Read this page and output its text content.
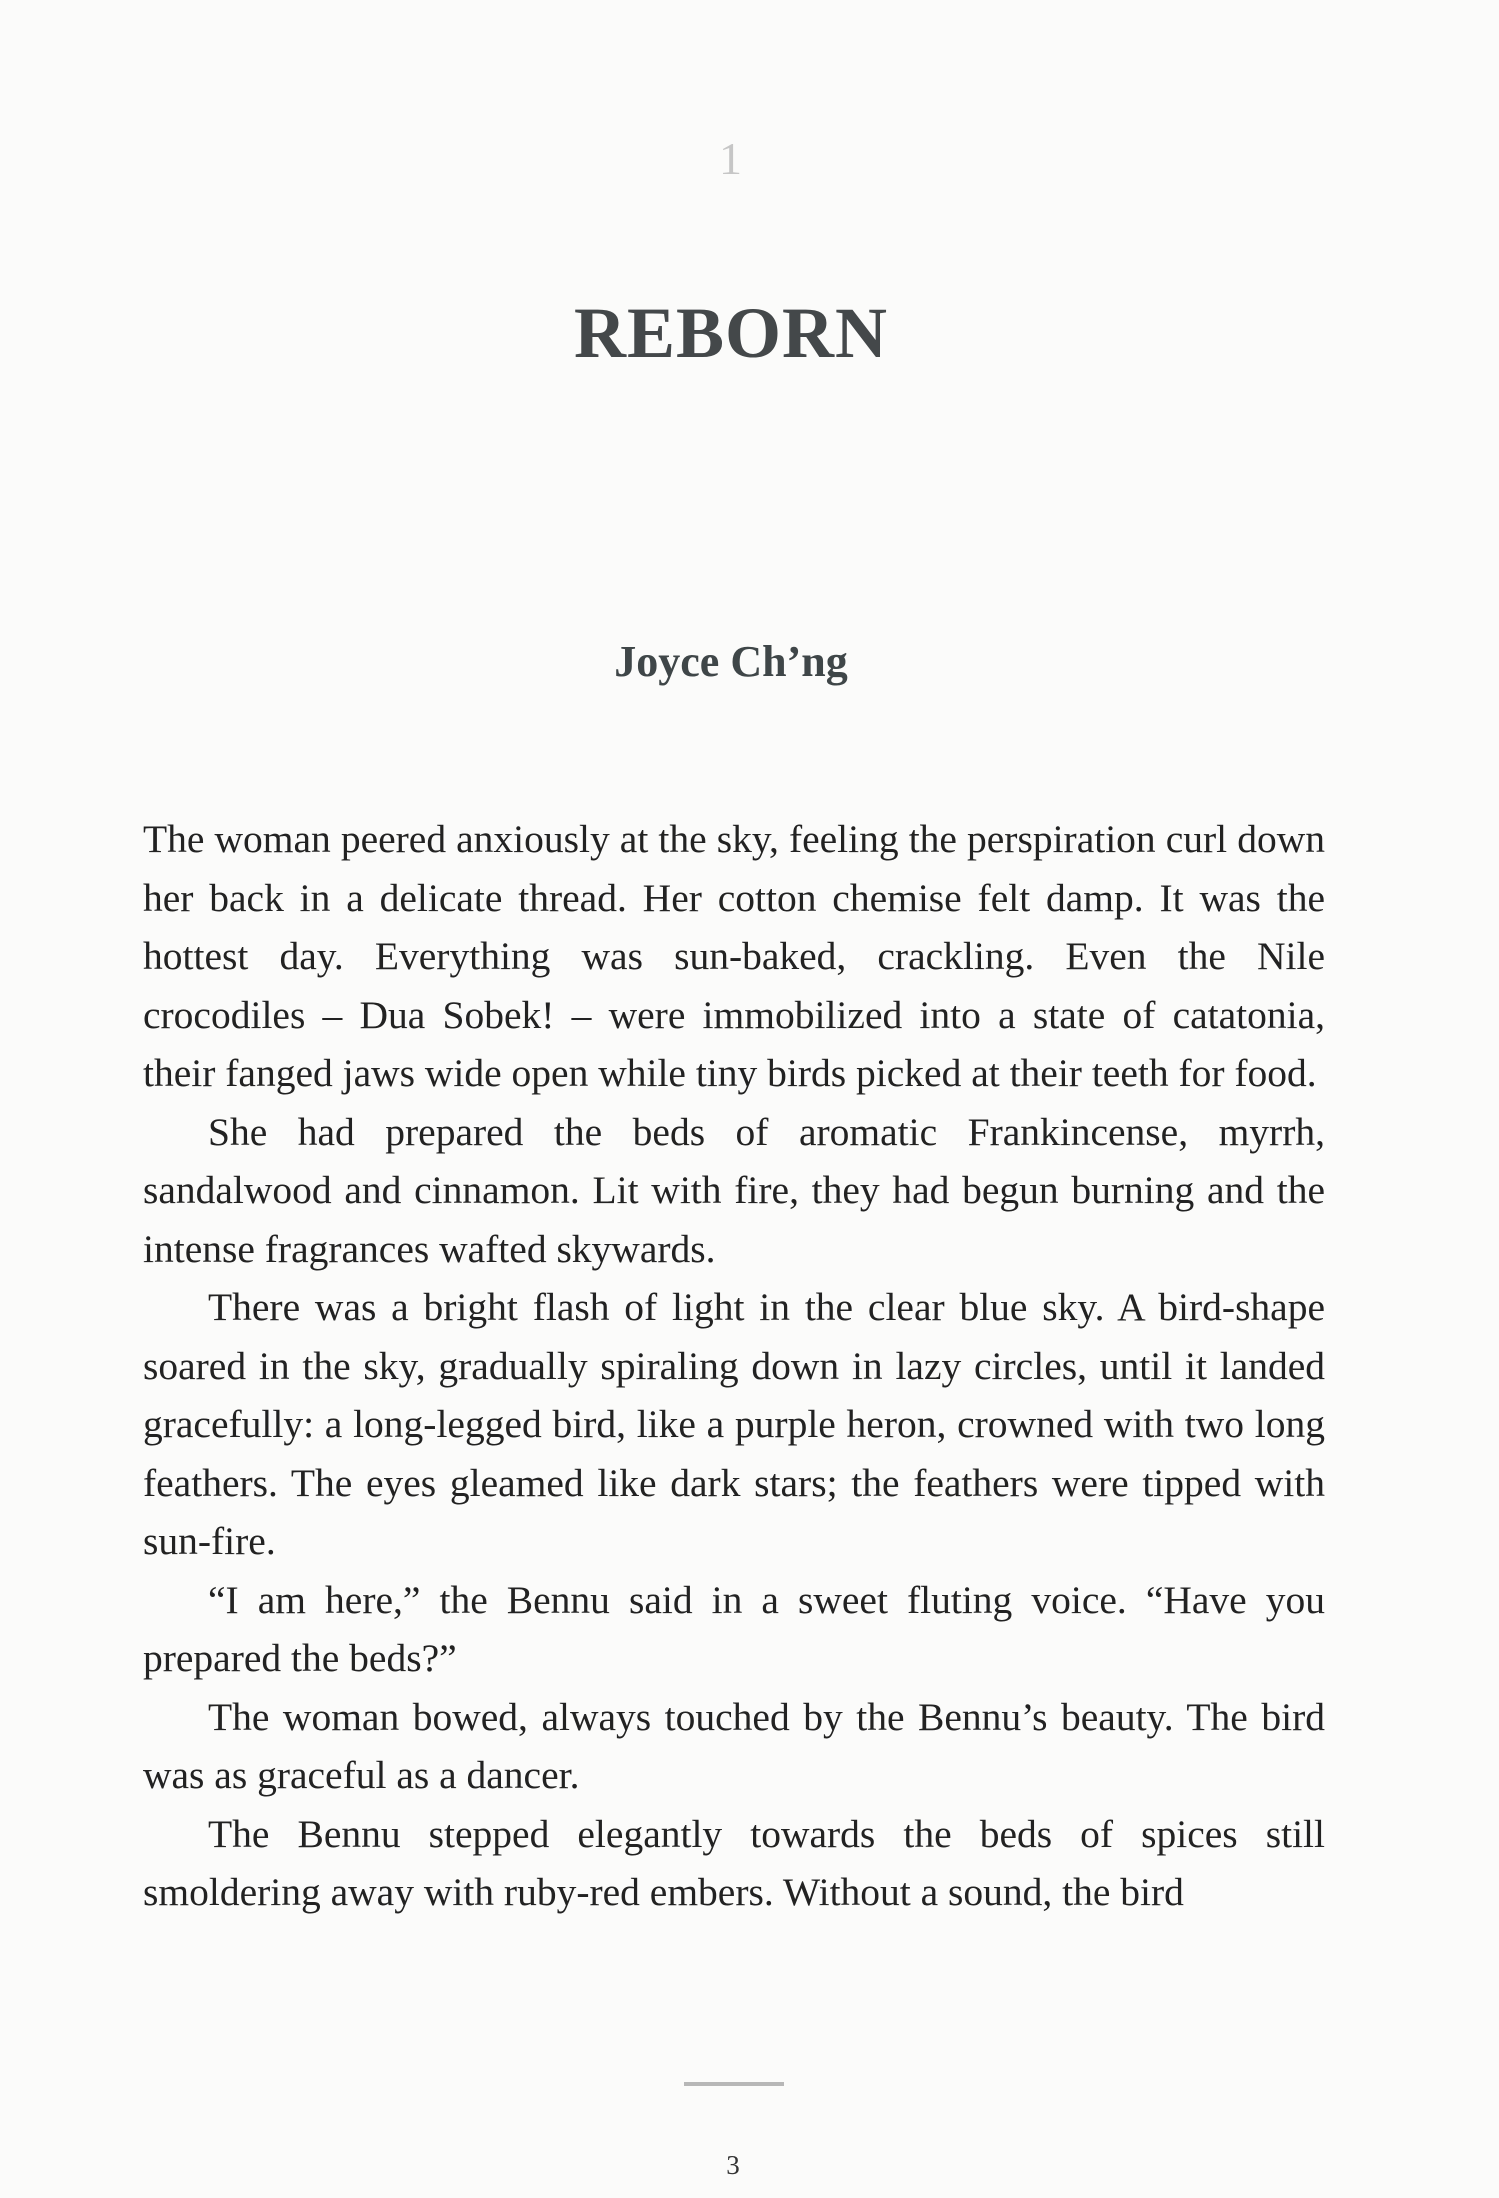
1
REBORN
Joyce Ch’ng

The woman peered anxiously at the sky, feeling the perspiration curl down her back in a delicate thread. Her cotton chemise felt damp. It was the hottest day. Everything was sun-baked, crackling. Even the Nile crocodiles – Dua Sobek! – were immobilized into a state of catatonia, their fanged jaws wide open while tiny birds picked at their teeth for food.

She had prepared the beds of aromatic Frankincense, myrrh, sandalwood and cinnamon. Lit with fire, they had begun burning and the intense fragrances wafted skywards.

There was a bright flash of light in the clear blue sky. A bird-shape soared in the sky, gradually spiraling down in lazy circles, until it landed gracefully: a long-legged bird, like a purple heron, crowned with two long feathers. The eyes gleamed like dark stars; the feathers were tipped with sun-fire.

“I am here,” the Bennu said in a sweet fluting voice. “Have you prepared the beds?”

The woman bowed, always touched by the Bennu’s beauty. The bird was as graceful as a dancer.

The Bennu stepped elegantly towards the beds of spices still smoldering away with ruby-red embers. Without a sound, the bird

3
